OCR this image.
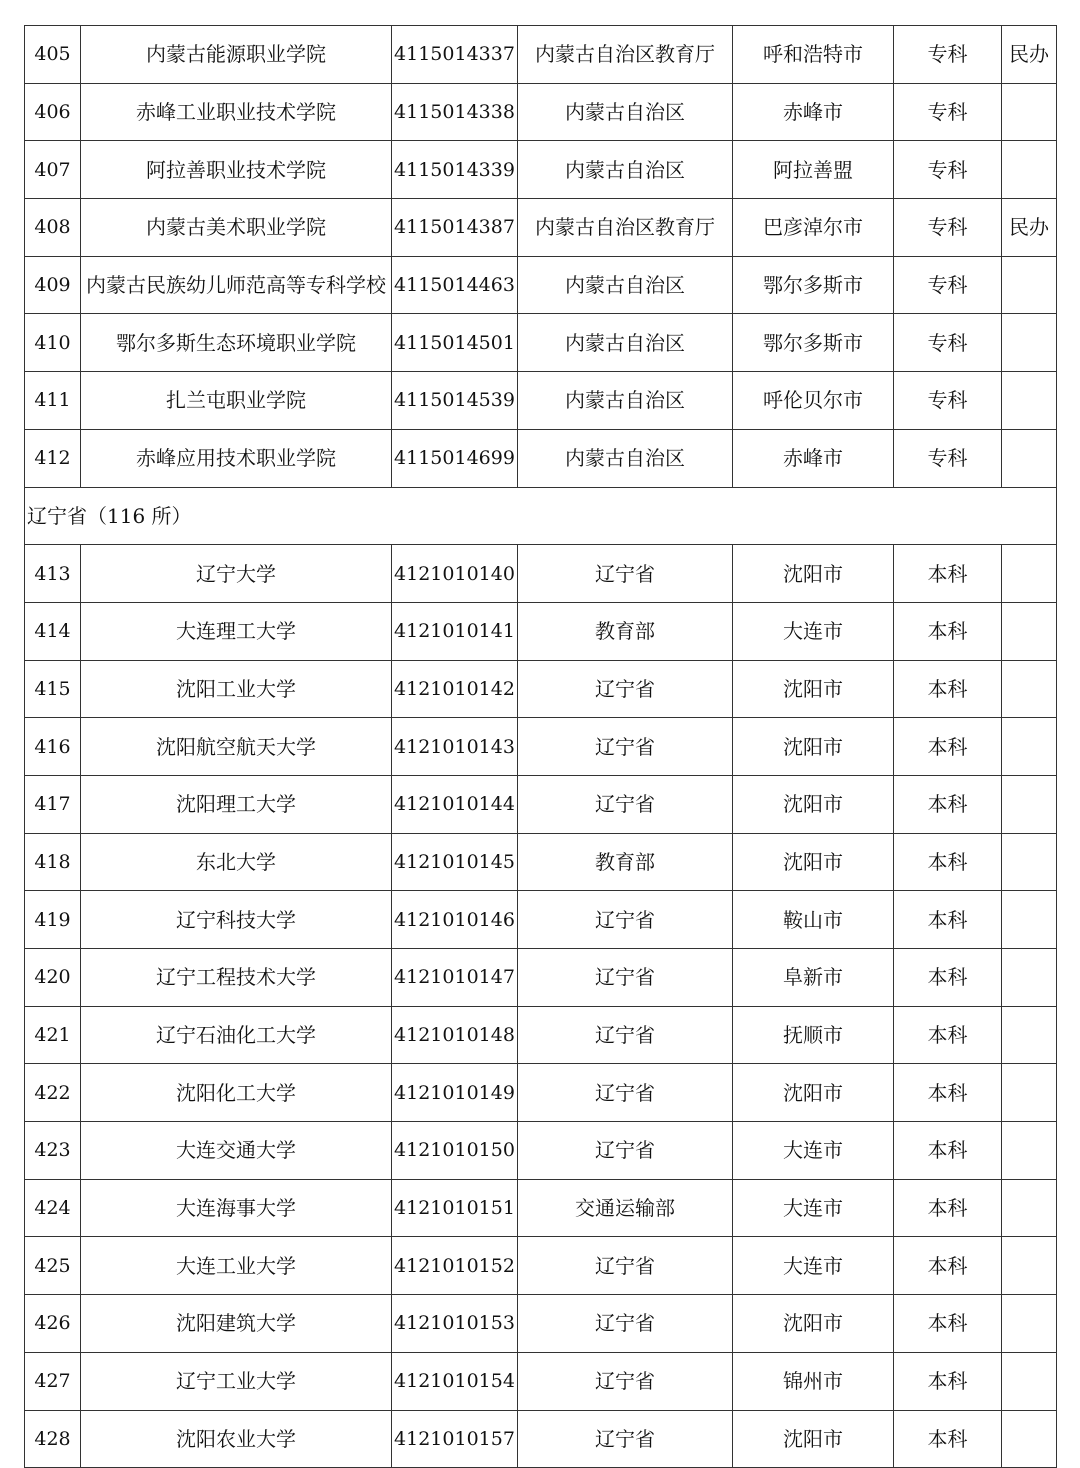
405	内蒙古能源职业学院	4115014337	内蒙古自治区教育厅	呼和浩特市	专科	民办
406	赤峰工业职业技术学院	4115014338	内蒙古自治区	赤峰市	专科	
407	阿拉善职业技术学院	4115014339	内蒙古自治区	阿拉善盟	专科	
408	内蒙古美术职业学院	4115014387	内蒙古自治区教育厅	巴彦淖尔市	专科	民办
409	内蒙古民族幼儿师范高等专科学校	4115014463	内蒙古自治区	鄂尔多斯市	专科	
410	鄂尔多斯生态环境职业学院	4115014501	内蒙古自治区	鄂尔多斯市	专科	
411	扎兰屯职业学院	4115014539	内蒙古自治区	呼伦贝尔市	专科	
412	赤峰应用技术职业学院	4115014699	内蒙古自治区	赤峰市	专科	
辽宁省（116 所）						
413	辽宁大学	4121010140	辽宁省	沈阳市	本科	
414	大连理工大学	4121010141	教育部	大连市	本科	
415	沈阳工业大学	4121010142	辽宁省	沈阳市	本科	
416	沈阳航空航天大学	4121010143	辽宁省	沈阳市	本科	
417	沈阳理工大学	4121010144	辽宁省	沈阳市	本科	
418	东北大学	4121010145	教育部	沈阳市	本科	
419	辽宁科技大学	4121010146	辽宁省	鞍山市	本科	
420	辽宁工程技术大学	4121010147	辽宁省	阜新市	本科	
421	辽宁石油化工大学	4121010148	辽宁省	抚顺市	本科	
422	沈阳化工大学	4121010149	辽宁省	沈阳市	本科	
423	大连交通大学	4121010150	辽宁省	大连市	本科	
424	大连海事大学	4121010151	交通运输部	大连市	本科	
425	大连工业大学	4121010152	辽宁省	大连市	本科	
426	沈阳建筑大学	4121010153	辽宁省	沈阳市	本科	
427	辽宁工业大学	4121010154	辽宁省	锦州市	本科	
428	沈阳农业大学	4121010157	辽宁省	沈阳市	本科	
